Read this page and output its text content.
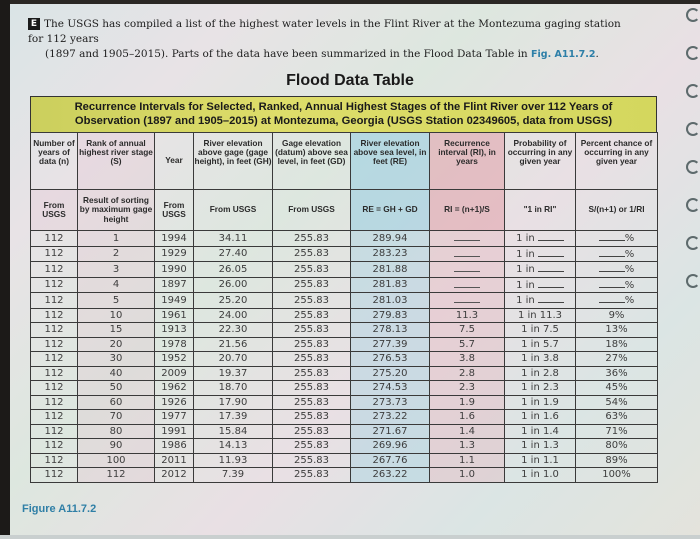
E The USGS has compiled a list of the highest water levels in the Flint River at the Montezuma gaging station for 112 years
(1897 and 1905–2015). Parts of the data have been summarized in the Flood Data Table in Fig. A11.7.2.
Flood Data Table
Recurrence Intervals for Selected, Ranked, Annual Highest Stages of the Flint River over 112 Years of
Observation (1897 and 1905–2015) at Montezuma, Georgia (USGS Station 02349605, data from USGS)
Number of years of data (n)	Rank of annual highest river stage (S)	Year	River elevation above gage (gage height), in feet (GH)	Gage elevation (datum) above sea level, in feet (GD)	River elevation above sea level, in feet (RE)	Recurrence interval (RI), in years	Probability of occurring in any given year	Percent chance of occurring in any given year
From USGS	Result of sorting by maximum gage height	From USGS	From USGS	From USGS	RE = GH + GD	RI = (n+1)/S	"1 in RI"	S/(n+1) or 1/RI
112	1	1994	34.11	255.83	289.94		1 in	%
112	2	1929	27.40	255.83	283.23		1 in	%
112	3	1990	26.05	255.83	281.88		1 in	%
112	4	1897	26.00	255.83	281.83		1 in	%
112	5	1949	25.20	255.83	281.03		1 in	%
112	10	1961	24.00	255.83	279.83	11.3	1 in 11.3	9%
112	15	1913	22.30	255.83	278.13	7.5	1 in 7.5	13%
112	20	1978	21.56	255.83	277.39	5.7	1 in 5.7	18%
112	30	1952	20.70	255.83	276.53	3.8	1 in 3.8	27%
112	40	2009	19.37	255.83	275.20	2.8	1 in 2.8	36%
112	50	1962	18.70	255.83	274.53	2.3	1 in 2.3	45%
112	60	1926	17.90	255.83	273.73	1.9	1 in 1.9	54%
112	70	1977	17.39	255.83	273.22	1.6	1 in 1.6	63%
112	80	1991	15.84	255.83	271.67	1.4	1 in 1.4	71%
112	90	1986	14.13	255.83	269.96	1.3	1 in 1.3	80%
112	100	2011	11.93	255.83	267.76	1.1	1 in 1.1	89%
112	112	2012	7.39	255.83	263.22	1.0	1 in 1.0	100%
Figure A11.7.2
